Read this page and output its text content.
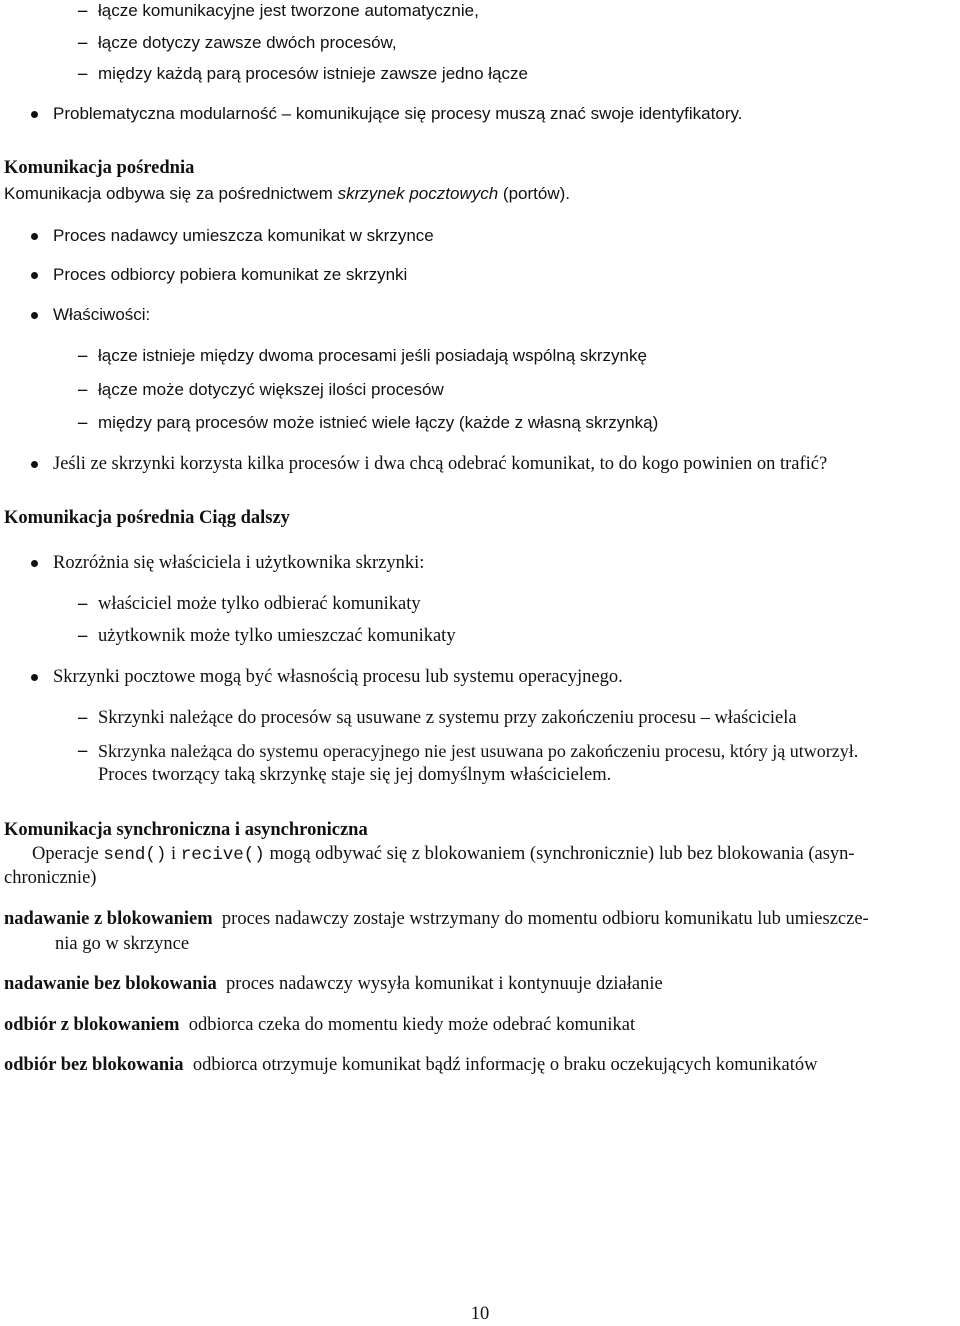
– łącze komunikacyjne jest tworzone automatycznie,
– łącze dotyczy zawsze dwóch procesów,
– między każdą parą procesów istnieje zawsze jedno łącze
Problematyczna modularność – komunikujące się procesy muszą znać swoje identyfikatory.
Komunikacja pośrednia
Komunikacja odbywa się za pośrednictwem skrzynek pocztowych (portów).
Proces nadawcy umieszcza komunikat w skrzynce
Proces odbiorcy pobiera komunikat ze skrzynki
Właściwości:
– łącze istnieje między dwoma procesami jeśli posiadają wspólną skrzynkę
– łącze może dotyczyć większej ilości procesów
– między parą procesów może istnieć wiele łączy (każde z własną skrzynką)
Jeśli ze skrzynki korzysta kilka procesów i dwa chcą odebrać komunikat, to do kogo powinien on trafić?
Komunikacja pośrednia Ciąg dalszy
Rozróżnia się właściciela i użytkownika skrzynki:
– właściciel może tylko odbierać komunikaty
– użytkownik może tylko umieszczać komunikaty
Skrzynki pocztowe mogą być własnością procesu lub systemu operacyjnego.
– Skrzynki należące do procesów są usuwane z systemu przy zakończeniu procesu – właściciela
– Skrzynka należąca do systemu operacyjnego nie jest usuwana po zakończeniu procesu, który ją utworzył.
Proces tworzący taką skrzynkę staje się jej domyślnym właścicielem.
Komunikacja synchroniczna i asynchroniczna
Operacje send() i recive() mogą odbywać się z blokowaniem (synchronicznie) lub bez blokowania (asyn-
chronicznie)
nadawanie z blokowaniem proces nadawczy zostaje wstrzymany do momentu odbioru komunikatu lub umieszcze-
nia go w skrzynce
nadawanie bez blokowania proces nadawczy wysyła komunikat i kontynuuje działanie
odbiór z blokowaniem odbiorca czeka do momentu kiedy może odebrać komunikat
odbiór bez blokowania odbiorca otrzymuje komunikat bądź informację o braku oczekujących komunikatów
10
